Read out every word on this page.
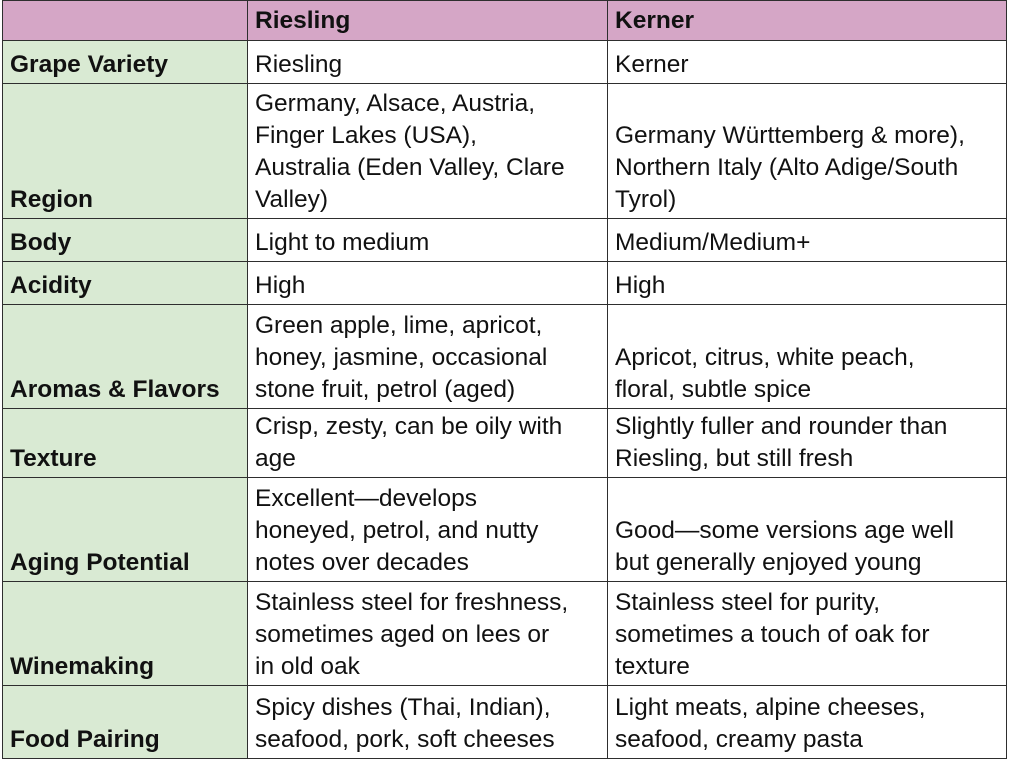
	Riesling	Kerner
Grape Variety	Riesling	Kerner

Region	Germany, Alsace, Austria,
Finger Lakes (USA),
Australia (Eden Valley, Clare
Valley)	Germany Württemberg & more),
Northern Italy (Alto Adige/South
Tyrol)

Body	Light to medium	Medium/Medium+

Acidity	High	High

Aromas & Flavors	Green apple, lime, apricot,
honey, jasmine, occasional
stone fruit, petrol (aged)	Apricot, citrus, white peach,
floral, subtle spice

Texture	Crisp, zesty, can be oily with
age	Slightly fuller and rounder than
Riesling, but still fresh

Aging Potential	Excellent—develops
honeyed, petrol, and nutty
notes over decades	Good—some versions age well
but generally enjoyed young

Winemaking	Stainless steel for freshness,
sometimes aged on lees or
in old oak	Stainless steel for purity,
sometimes a touch of oak for
texture

Food Pairing	Spicy dishes (Thai, Indian),
seafood, pork, soft cheeses	Light meats, alpine cheeses,
seafood, creamy pasta
